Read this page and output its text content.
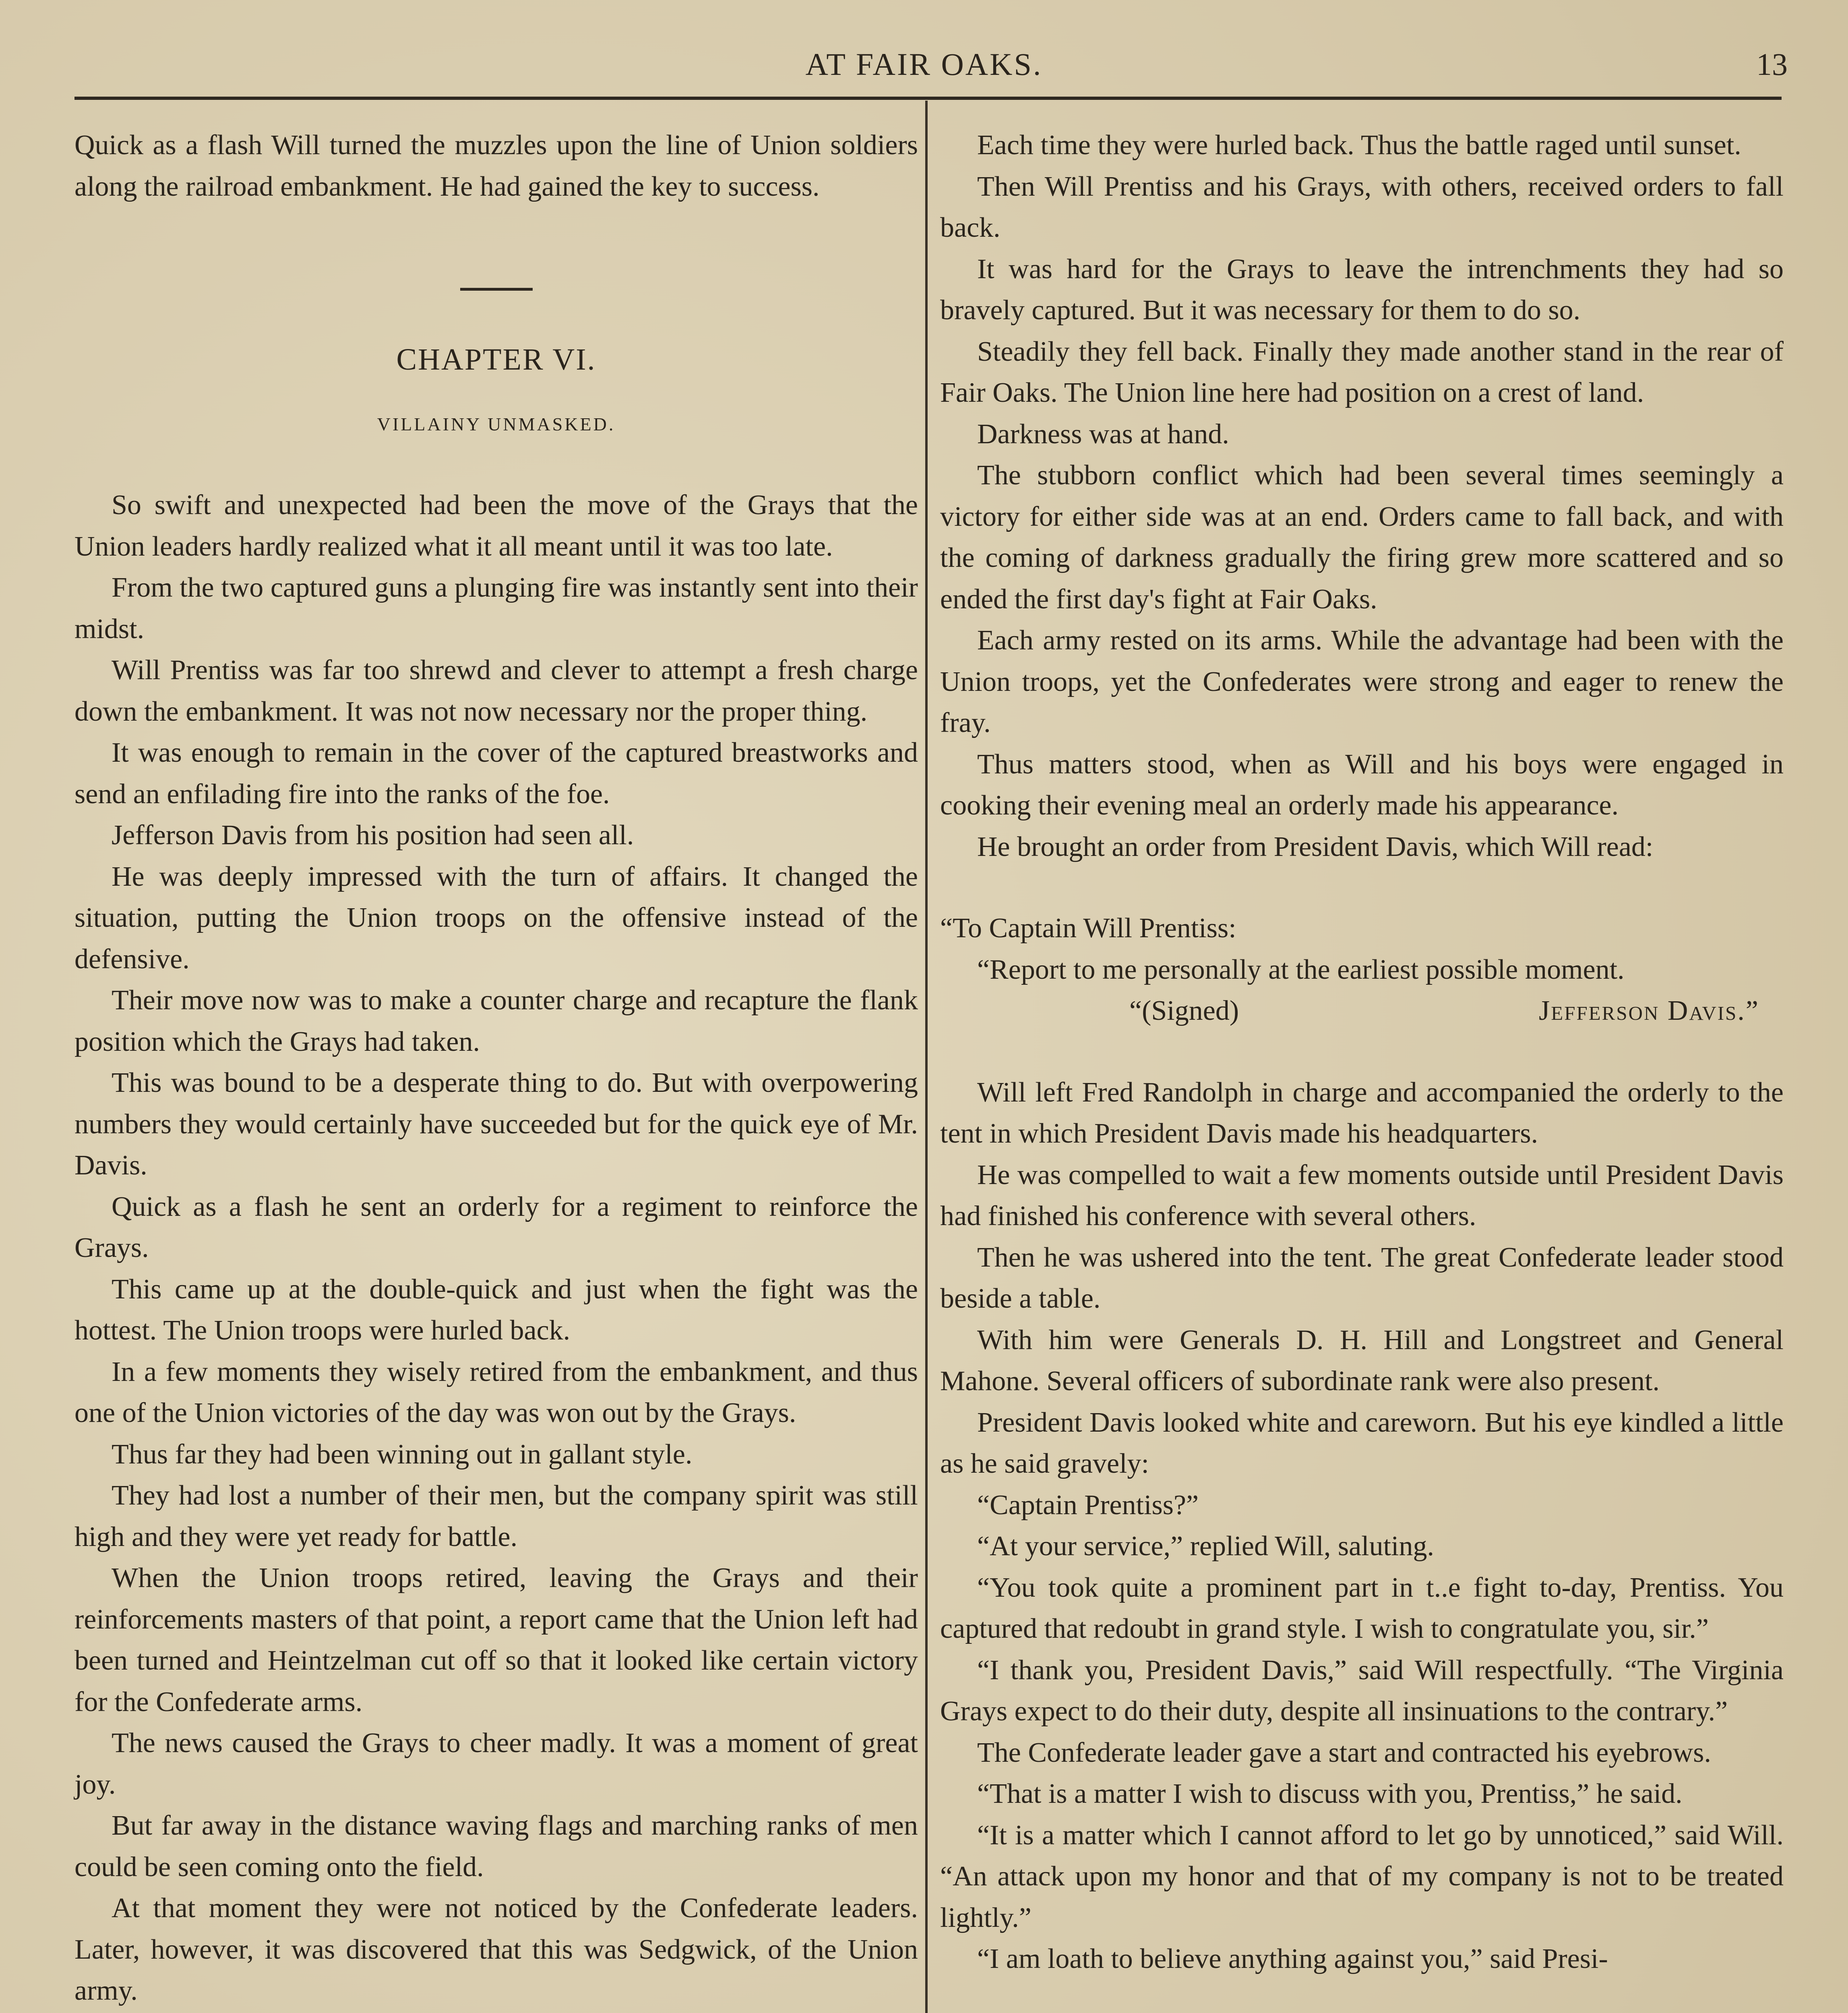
AT FAIR OAKS.	13

Quick as a flash Will turned the muzzles upon the line of Union soldiers along the railroad embankment. He had gained the key to success.

CHAPTER VI.
VILLAINY UNMASKED.

So swift and unexpected had been the move of the Grays that the Union leaders hardly realized what it all meant until it was too late.

From the two captured guns a plunging fire was instantly sent into their midst.

Will Prentiss was far too shrewd and clever to attempt a fresh charge down the embankment. It was not now necessary nor the proper thing.

It was enough to remain in the cover of the captured breastworks and send an enfilading fire into the ranks of the foe.

Jefferson Davis from his position had seen all.

He was deeply impressed with the turn of affairs. It changed the situation, putting the Union troops on the offensive instead of the defensive.

Their move now was to make a counter charge and recapture the flank position which the Grays had taken.

This was bound to be a desperate thing to do. But with overpowering numbers they would certainly have succeeded but for the quick eye of Mr. Davis.

Quick as a flash he sent an orderly for a regiment to reinforce the Grays.

This came up at the double-quick and just when the fight was the hottest. The Union troops were hurled back.

In a few moments they wisely retired from the embankment, and thus one of the Union victories of the day was won out by the Grays.

Thus far they had been winning out in gallant style.

They had lost a number of their men, but the company spirit was still high and they were yet ready for battle.

When the Union troops retired, leaving the Grays and their reinforcements masters of that point, a report came that the Union left had been turned and Heintzelman cut off so that it looked like certain victory for the Confederate arms.

The news caused the Grays to cheer madly. It was a moment of great joy.

But far away in the distance waving flags and marching ranks of men could be seen coming onto the field.

At that moment they were not noticed by the Confederate leaders. Later, however, it was discovered that this was Sedgwick, of the Union army.

Each time they were hurled back. Thus the battle raged until sunset.

Then Will Prentiss and his Grays, with others, received orders to fall back.

It was hard for the Grays to leave the intrenchments they had so bravely captured. But it was necessary for them to do so.

Steadily they fell back. Finally they made another stand in the rear of Fair Oaks. The Union line here had position on a crest of land.

Darkness was at hand.

The stubborn conflict which had been several times seemingly a victory for either side was at an end. Orders came to fall back, and with the coming of darkness gradually the firing grew more scattered and so ended the first day's fight at Fair Oaks.

Each army rested on its arms. While the advantage had been with the Union troops, yet the Confederates were strong and eager to renew the fray.

Thus matters stood, when as Will and his boys were engaged in cooking their evening meal an orderly made his appearance.

He brought an order from President Davis, which Will read:

“To Captain Will Prentiss:

“Report to me personally at the earliest possible moment.

“(Signed)	Jefferson Davis.”

Will left Fred Randolph in charge and accompanied the orderly to the tent in which President Davis made his headquarters.

He was compelled to wait a few moments outside until President Davis had finished his conference with several others.

Then he was ushered into the tent. The great Confederate leader stood beside a table.

With him were Generals D. H. Hill and Longstreet and General Mahone. Several officers of subordinate rank were also present.

President Davis looked white and careworn. But his eye kindled a little as he said gravely:

“Captain Prentiss?”

“At your service,” replied Will, saluting.

“You took quite a prominent part in t..e fight to-day, Prentiss. You captured that redoubt in grand style. I wish to congratulate you, sir.”

“I thank you, President Davis,” said Will respectfully. “The Virginia Grays expect to do their duty, despite all insinuations to the contrary.”

The Confederate leader gave a start and contracted his eyebrows.

“That is a matter I wish to discuss with you, Prentiss,” he said.

“It is a matter which I cannot afford to let go by unnoticed,” said Will. “An attack upon my honor and that of my company is not to be treated lightly.”

“I am loath to believe anything against you,” said Presi-
